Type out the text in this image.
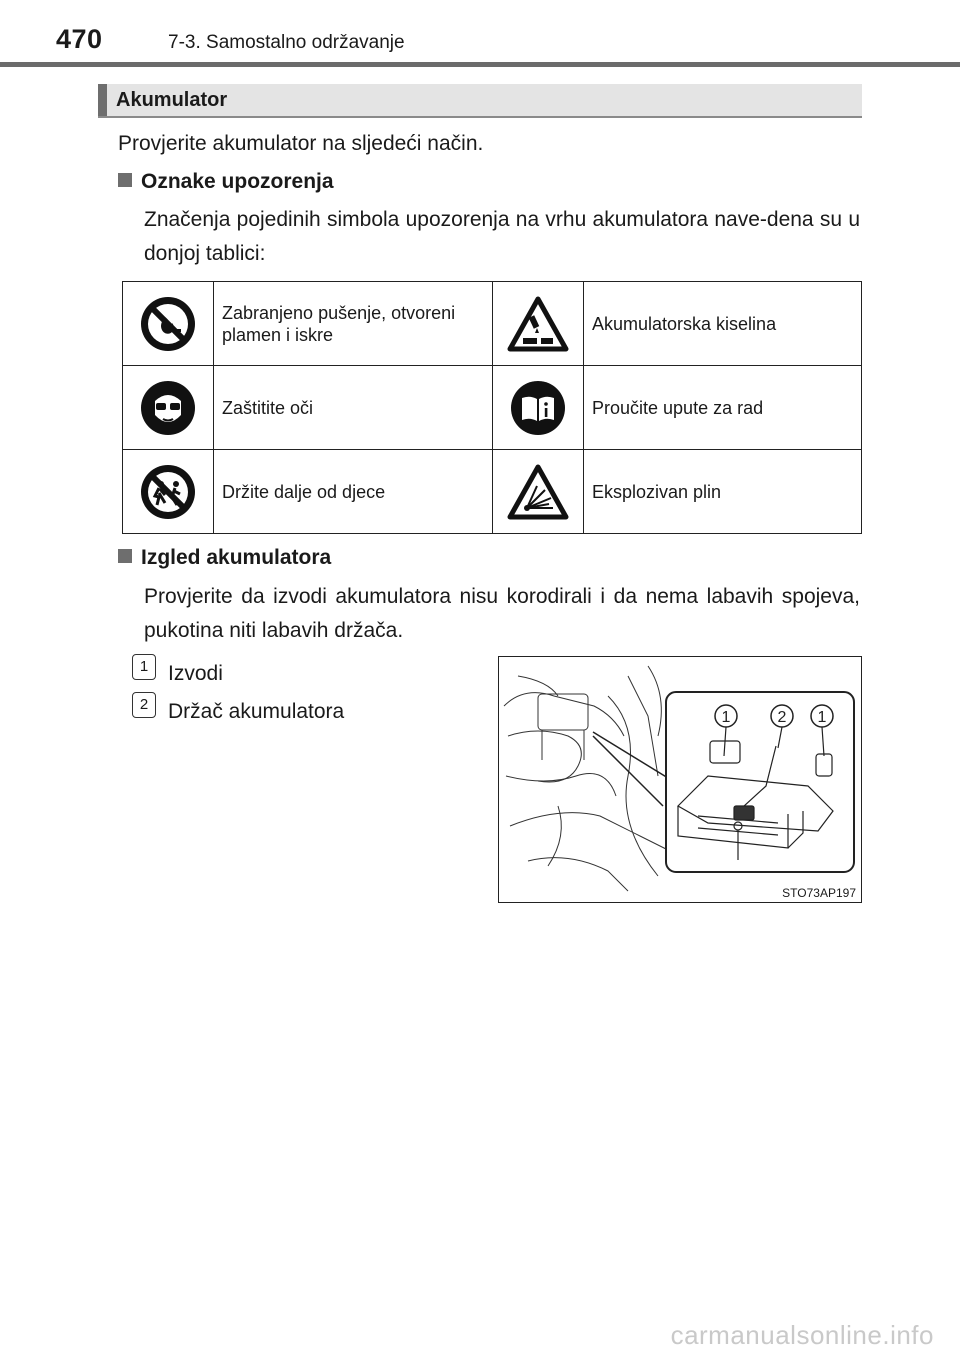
470	7-3. Samostalno održavanje
Akumulator
Provjerite akumulator na sljedeći način.
Oznake upozorenja
Značenja pojedinih simbola upozorenja na vrhu akumulatora nave-dena su u donjoj tablici:
	Zabranjeno pušenje, otvoreni plamen i iskre		Akumulatorska kiselina

	Zaštitite oči		Proučite upute za rad

	Držite dalje od djece		Eksplozivan plin
Izgled akumulatora
Provjerite da izvodi akumulatora nisu korodirali i da nema labavih spojeva, pukotina niti labavih držača.
1 Izvodi
2 Držač akumulatora	1	2 1
STO73AP197
carmanualsonline.info
